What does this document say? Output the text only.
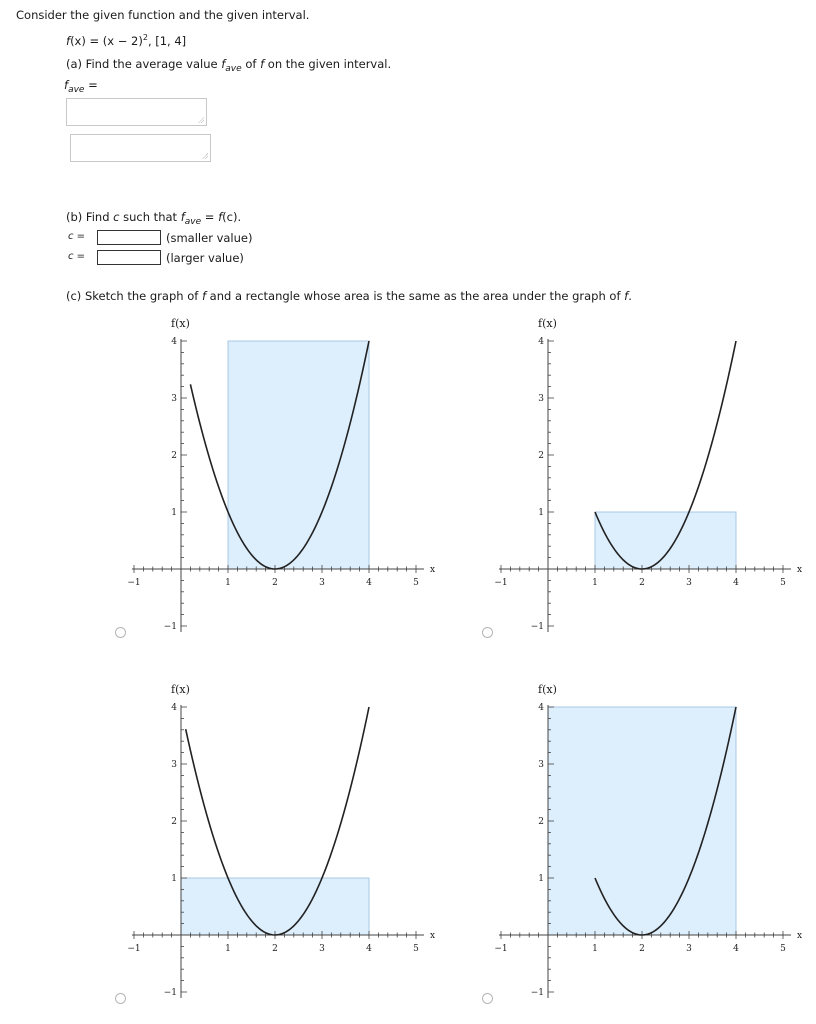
Consider the given function and the given interval.
$f(x) = (x - 2)^2$, [1, 4]
(a) Find the average value $f_{ave}$ of f on the given interval.
$f_{ave}$ =
(b) Find c such that $f_{ave} = f(c)$.
c =	(smaller value)
c =	(larger value)
(c) Sketch the graph of f and a rectangle whose area is the same as the area under the graph of f.
−1	1	2	3	4	5
−1
1
2
3
4
f(x)
x
−1	1	2	3	4	5
−1
1
2
3
4
f(x)
x
−1	1	2	3	4	5
−1
1
2
3
4
f(x)
x
−1	1	2	3	4	5
−1
1
2
3
4
f(x)
x
